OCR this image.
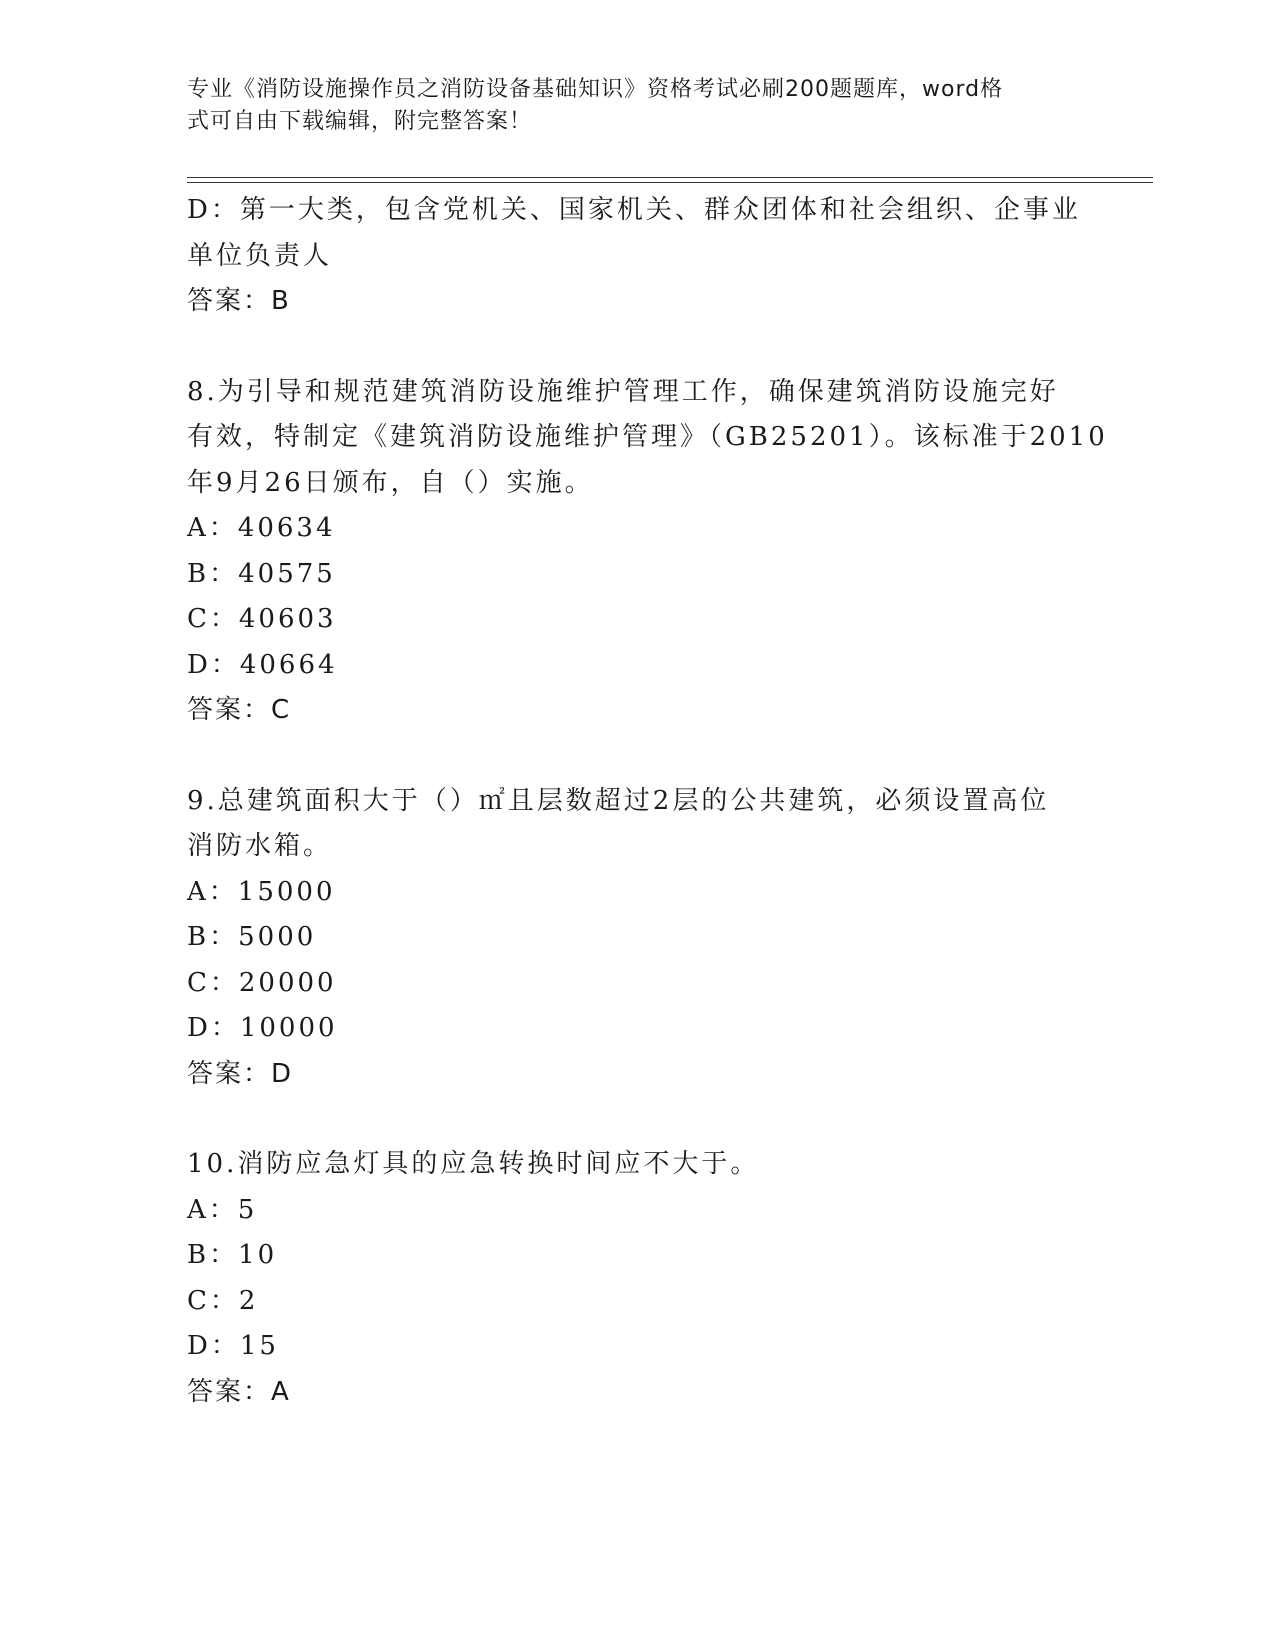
专业《消防设施操作员之消防设备基础知识》资格考试必刷200题题库，word格
式可自由下载编辑，附完整答案！
D：第一大类，包含党机关、国家机关、群众团体和社会组织、企事业
单位负责人
答案：B
8.为引导和规范建筑消防设施维护管理工作，确保建筑消防设施完好
有效，特制定《建筑消防设施维护管理》（GB25201）。该标准于2010
年9月26日颁布，自（）实施。
A：40634
B：40575
C：40603
D：40664
答案：C
9.总建筑面积大于（）㎡且层数超过2层的公共建筑，必须设置高位
消防水箱。
A：15000
B：5000
C：20000
D：10000
答案：D
10.消防应急灯具的应急转换时间应不大于。
A：5
B：10
C：2
D：15
答案：A
